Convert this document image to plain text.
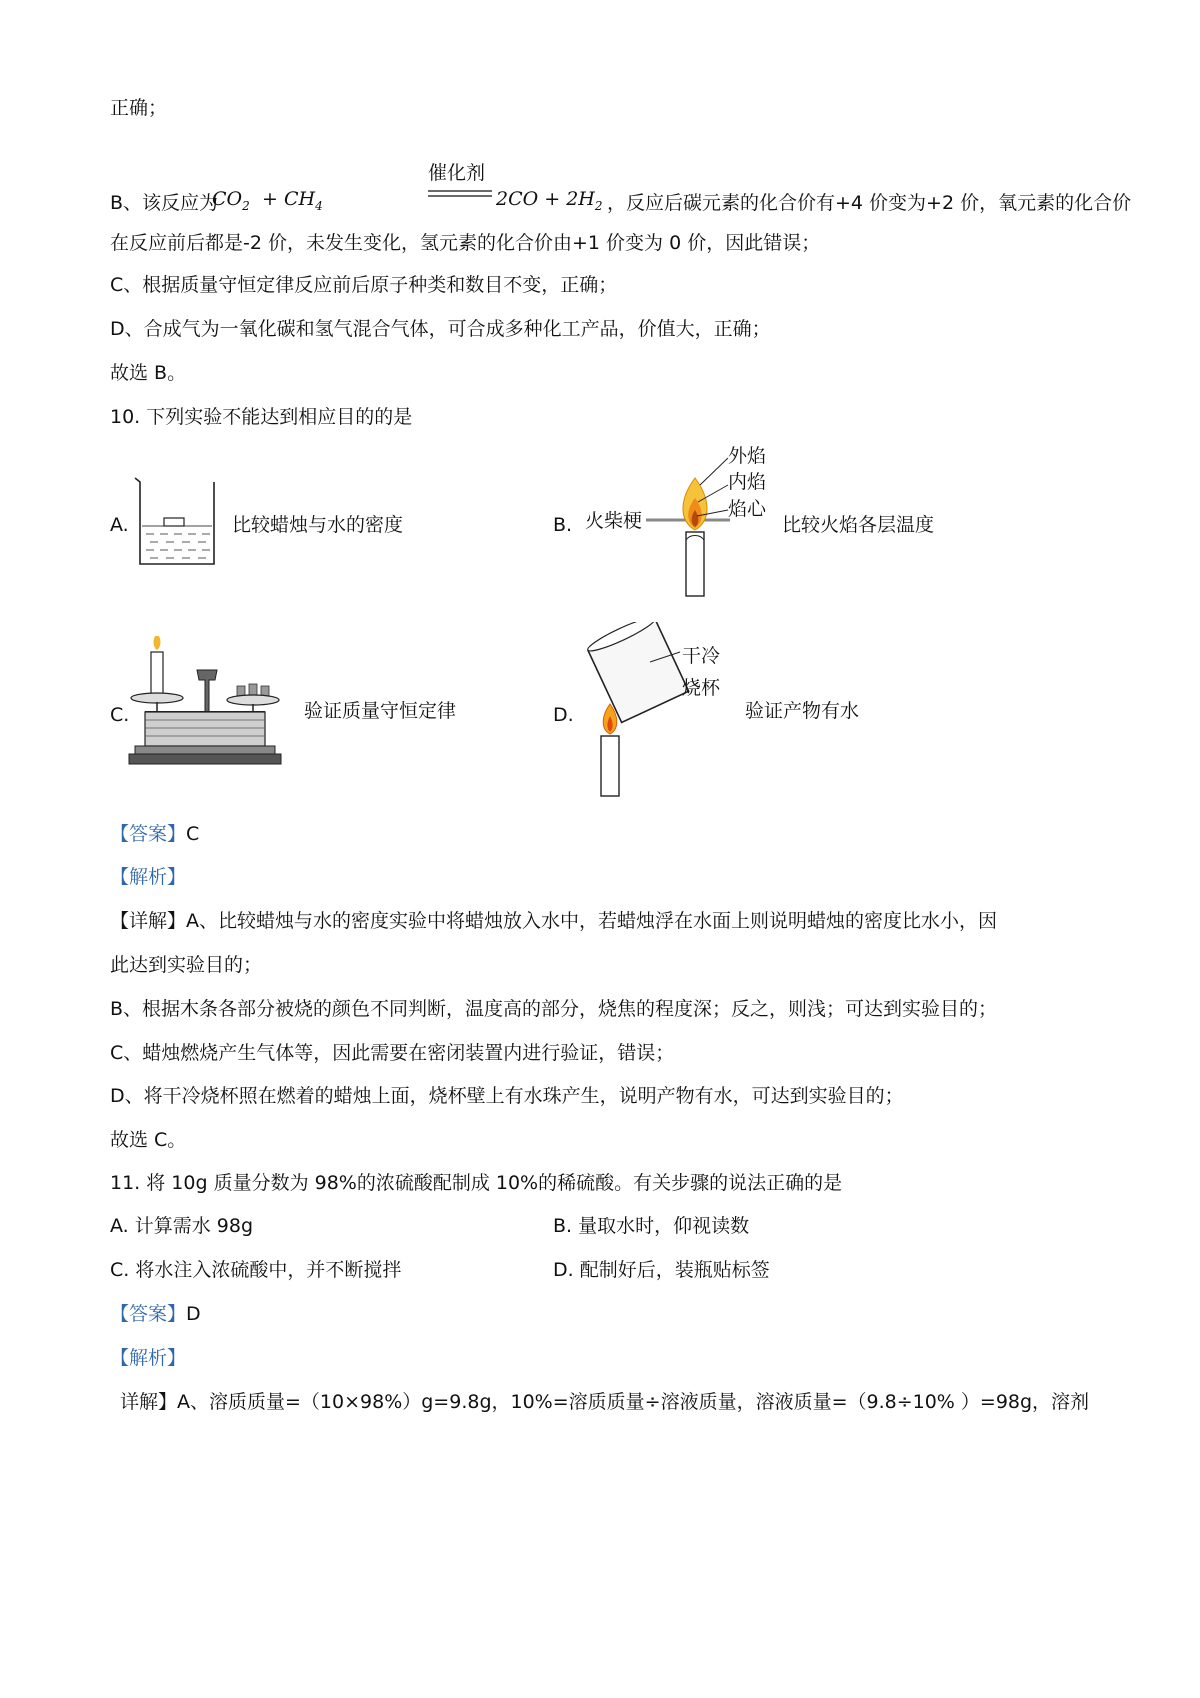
正确；
B、该反应为
$CO_2 + CH_4$
催化剂
$2CO + 2H_2$ ，反应后碳元素的化合价有+4 价变为+2 价，氧元素的化合价
在反应前后都是-2 价，未发生变化，氢元素的化合价由+1 价变为 0 价，因此错误；
C、根据质量守恒定律反应前后原子种类和数目不变，正确；
D、合成气为一氧化碳和氢气混合气体，可合成多种化工产品，价值大，正确；
故选 B。
10. 下列实验不能达到相应目的的是
A.	比较蜡烛与水的密度	B. 火柴梗
外焰
内焰
焰心
比较火焰各层温度
C.	验证质量守恒定律	D.
干冷
烧杯
验证产物有水
【答案】C
【解析】
【详解】A、比较蜡烛与水的密度实验中将蜡烛放入水中，若蜡烛浮在水面上则说明蜡烛的密度比水小，因
此达到实验目的；
B、根据木条各部分被烧的颜色不同判断，温度高的部分，烧焦的程度深；反之，则浅；可达到实验目的；
C、蜡烛燃烧产生气体等，因此需要在密闭装置内进行验证，错误；
D、将干冷烧杯照在燃着的蜡烛上面，烧杯壁上有水珠产生，说明产物有水，可达到实验目的；
故选 C。
11. 将 10g 质量分数为 98%的浓硫酸配制成 10%的稀硫酸。有关步骤的说法正确的是
A. 计算需水 98g	B. 量取水时，仰视读数
C. 将水注入浓硫酸中，并不断搅拌	D. 配制好后，装瓶贴标签
【答案】D
【解析】
详解】A、溶质质量=（10×98%）g=9.8g，10%=溶质质量÷溶液质量，溶液质量=（9.8÷10% ）=98g，溶剂
